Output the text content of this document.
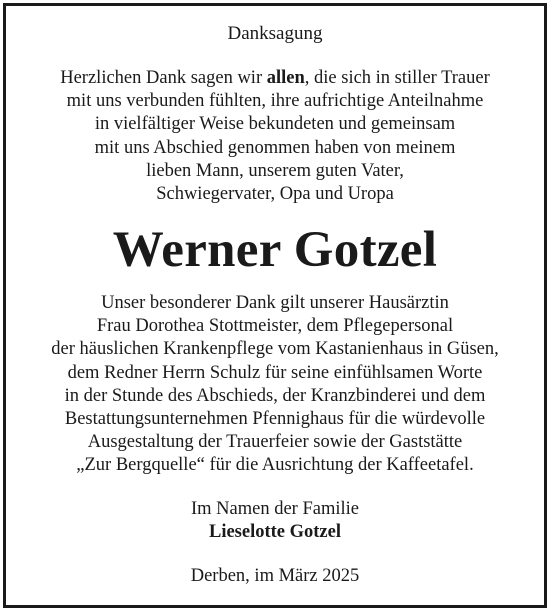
Danksagung
Herzlichen Dank sagen wir allen, die sich in stiller Trauer
mit uns verbunden fühlten, ihre aufrichtige Anteilnahme
in vielfältiger Weise bekundeten und gemeinsam
mit uns Abschied genommen haben von meinem
lieben Mann, unserem guten Vater,
Schwiegervater, Opa und Uropa
Werner Gotzel
Unser besonderer Dank gilt unserer Hausärztin
Frau Dorothea Stottmeister, dem Pflegepersonal
der häuslichen Krankenpflege vom Kastanienhaus in Güsen,
dem Redner Herrn Schulz für seine einfühlsamen Worte
in der Stunde des Abschieds, der Kranzbinderei und dem
Bestattungsunternehmen Pfennighaus für die würdevolle
Ausgestaltung der Trauerfeier sowie der Gaststätte
„Zur Bergquelle“ für die Ausrichtung der Kaffeetafel.
Im Namen der Familie
Lieselotte Gotzel
Derben, im März 2025
